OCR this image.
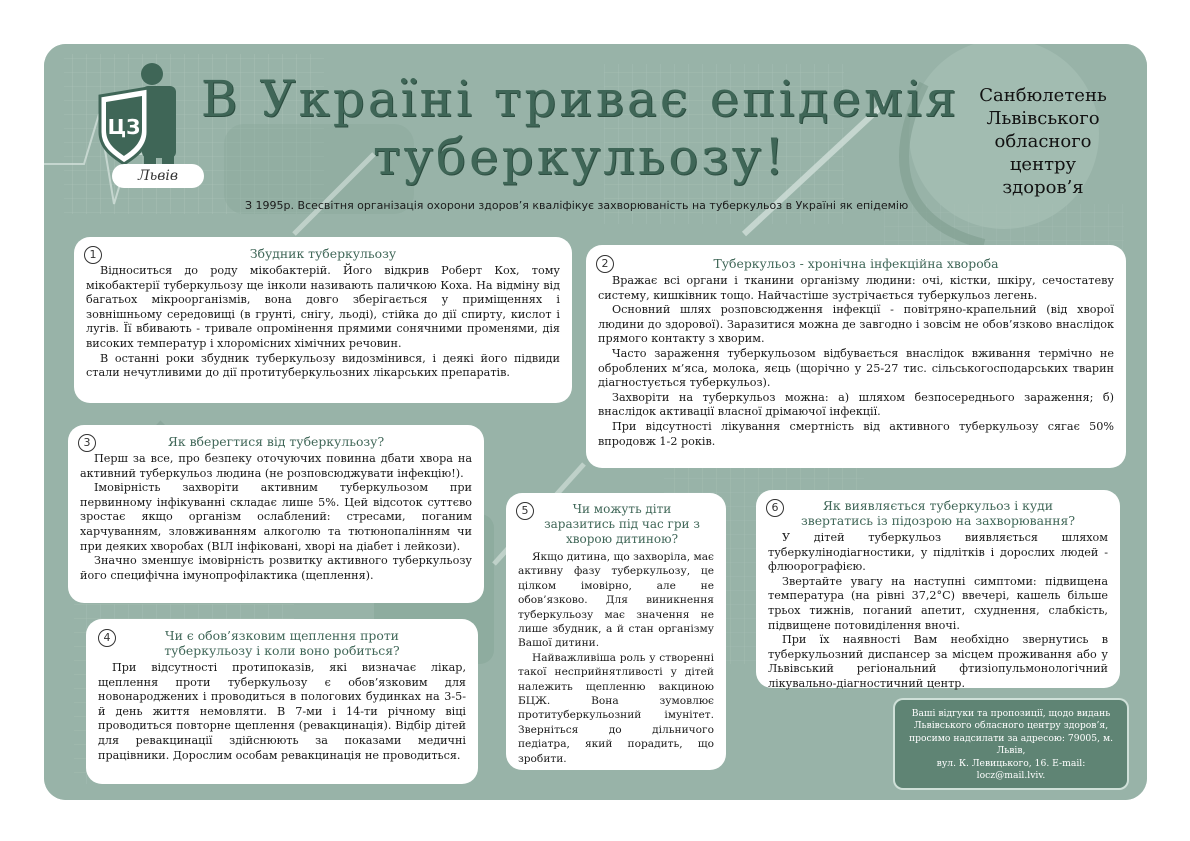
ЦЗ
Львів
В Україні триває епідемія
туберкульозу!
З 1995р. Всесвітня організація охорони здоров’я кваліфікує захворюваність на туберкульоз в Україні як епідемію
Санбюлетень
Львівського
обласного
центру
здоров’я
1	Збудник туберкульозу

Відноситься до роду мікобактерій. Його відкрив Роберт Кох, тому мікобактерії туберкульозу ще інколи називають паличкою Коха. На відміну від багатьох мікроорганізмів, вона довго зберігається у приміщеннях і зовнішньому середовищі (в грунті, снігу, льоді), стійка до дії спирту, кислот і лугів. Її вбивають - тривале опромінення прямими сонячними променями, дія високих температур і хлоромісних хімічних речовин.

В останні роки збудник туберкульозу видозмінився, і деякі його підвиди стали нечутливими до дії протитуберкульозних лікарських препаратів.

2	Туберкульоз - хронічна інфекційна хвороба

Вражає всі органи і тканини організму людини: очі, кістки, шкіру, сечостатеву систему, кишківник тощо. Найчастіше зустрічається туберкульоз легень.

Основний шлях розповсюдження інфекції - повітряно-крапельний (від хворої людини до здорової). Заразитися можна де завгодно і зовсім не обов’язково внаслідок прямого контакту з хворим.

Часто зараження туберкульозом відбувається внаслідок вживання термічно не оброблених м’яса, молока, яєць (щорічно у 25-27 тис. сільськогосподарських тварин діагностується туберкульоз).

Захворіти на туберкульоз можна: а) шляхом безпосереднього зараження; б) внаслідок активації власної дрімаючої інфекції.

При відсутності лікування смертність від активного туберкульозу сягає 50% впродовж 1-2 років.

3	Як вберегтися від туберкульозу?

Перш за все, про безпеку оточуючих повинна дбати хвора на активний туберкульоз людина (не розповсюджувати інфекцію!).

Імовірність захворіти активним туберкульозом при первинному інфікуванні складає лише 5%. Цей відсоток суттєво зростає якщо організм ослаблений: стресами, поганим харчуванням, зловживанням алкоголю та тютюнопалінням чи при деяких хворобах (ВІЛ інфіковані, хворі на діабет і лейкози).

Значно зменшує імовірність розвитку активного туберкульозу його специфічна імунопрофілактика (щеплення).

4	Чи є обов’язковим щеплення проти туберкульозу і коли воно робиться?

При відсутності протипоказів, які визначає лікар, щеплення проти туберкульозу є обов’язковим для новонароджених і проводиться в пологових будинках на 3-5-й день життя немовляти. В 7-ми і 14-ти річному віці проводиться повторне щеплення (ревакцинація). Відбір дітей для ревакцинації здійснюють за показами медичні працівники. Дорослим особам ревакцинація не проводиться.

5	Чи можуть діти заразитись під час гри з хворою дитиною?

Якщо дитина, що захворіла, має активну фазу туберкульозу, це цілком імовірно, але не обов’язково. Для виникнення туберкульозу має значення не лише збудник, а й стан організму Вашої дитини.

Найважливіша роль у створенні такої несприйнятливості у дітей належить щепленню вакциною БЦЖ. Вона зумовлює протитуберкульозний імунітет. Зверніться до дільничого педіатра, який порадить, що зробити.

6	Як виявляється туберкульоз і куди звертатись із підозрою на захворювання?

У дітей туберкульоз виявляється шляхом туберкулінодіагностики, у підлітків і дорослих людей - флюорографією.

Звертайте увагу на наступні симптоми: підвищена температура (на рівні 37,2°С) ввечері, кашель більше трьох тижнів, поганий апетит, схуднення, слабкість, підвищене потовиділення вночі.

При їх наявності Вам необхідно звернутись в туберкульозний диспансер за місцем проживання або у Львівський регіональний фтизіопульмонологічний лікувально-діагностичний центр.

Ваші відгуки та пропозиції, щодо видань
Львівського обласного центру здоров’я,
просимо надсилати за адресою: 79005, м. Львів,
вул. К. Левицького, 16. E-mail: locz@mail.lviv.
